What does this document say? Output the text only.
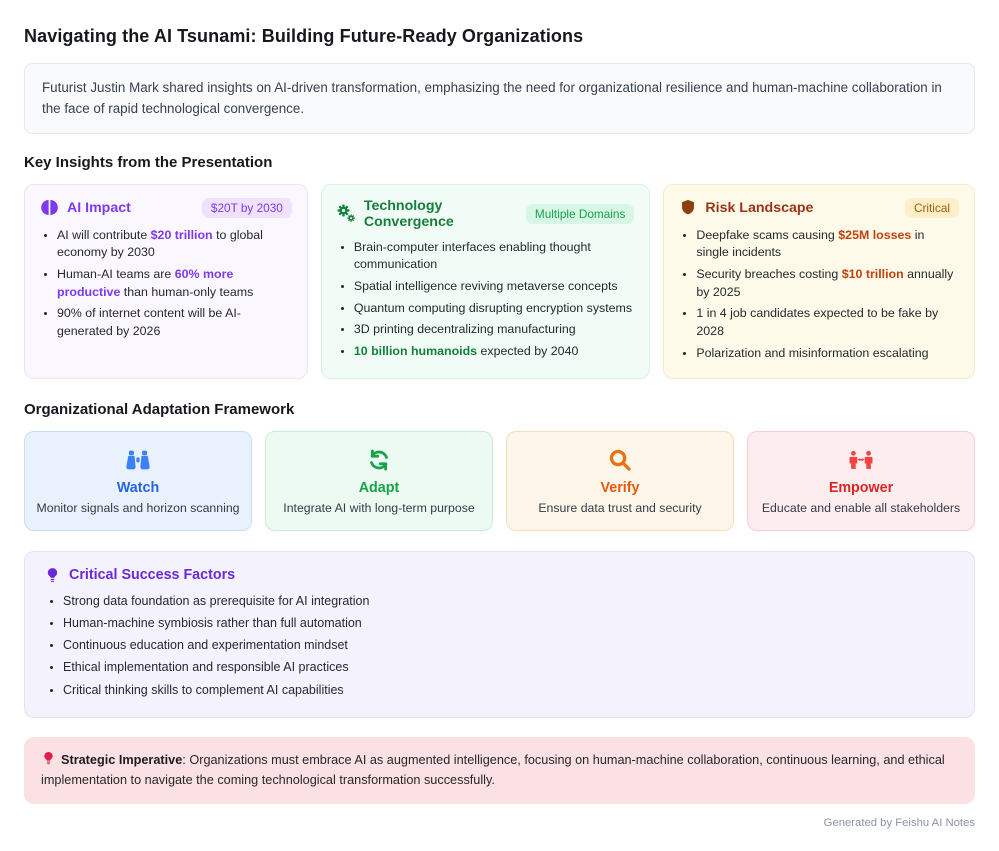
Navigating the AI Tsunami: Building Future-Ready Organizations
Futurist Justin Mark shared insights on AI-driven transformation, emphasizing the need for organizational resilience and human-machine collaboration in the face of rapid technological convergence.
Key Insights from the Presentation
AI Impact	$20T by 2030
• AI will contribute $20 trillion to global economy by 2030
• Human-AI teams are 60% more productive than human-only teams
• 90% of internet content will be AI-generated by 2026
Technology Convergence	Multiple Domains
• Brain-computer interfaces enabling thought communication
• Spatial intelligence reviving metaverse concepts
• Quantum computing disrupting encryption systems
• 3D printing decentralizing manufacturing
• 10 billion humanoids expected by 2040
Risk Landscape	Critical
• Deepfake scams causing $25M losses in single incidents
• Security breaches costing $10 trillion annually by 2025
• 1 in 4 job candidates expected to be fake by 2028
• Polarization and misinformation escalating
Organizational Adaptation Framework
Watch
Monitor signals and horizon scanning
Adapt
Integrate AI with long-term purpose
Verify
Ensure data trust and security
Empower
Educate and enable all stakeholders
Critical Success Factors
• Strong data foundation as prerequisite for AI integration
• Human-machine symbiosis rather than full automation
• Continuous education and experimentation mindset
• Ethical implementation and responsible AI practices
• Critical thinking skills to complement AI capabilities
Strategic Imperative: Organizations must embrace AI as augmented intelligence, focusing on human-machine collaboration, continuous learning, and ethical implementation to navigate the coming technological transformation successfully.
Generated by Feishu AI Notes
